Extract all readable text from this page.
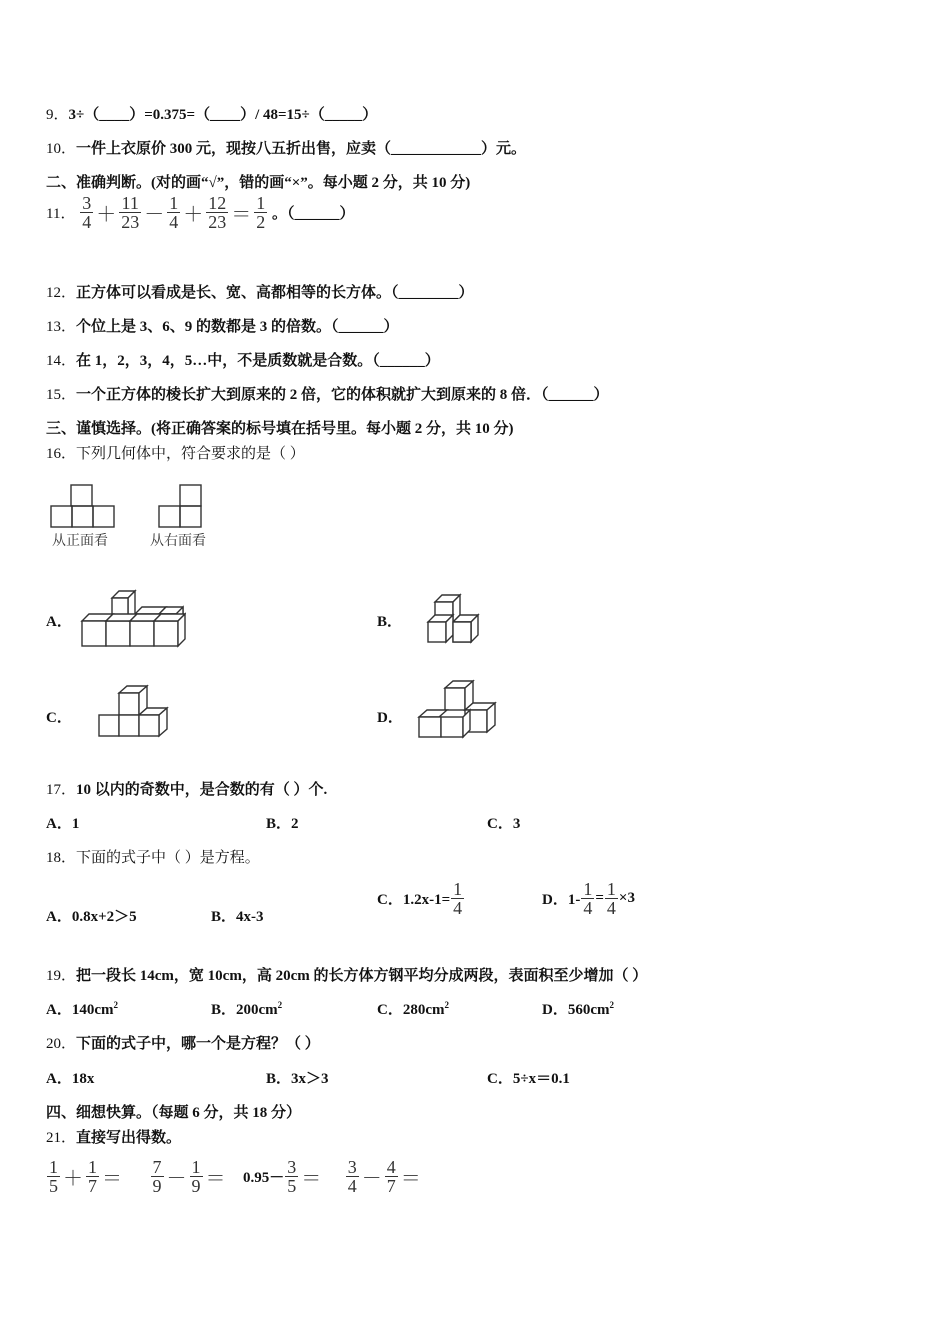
9．3÷（____）=0.375=（____）/ 48=15÷（_____）
10．一件上衣原价 300 元，现按八五折出售，应卖（____________）元。
二、准确判断。(对的画“√”，错的画“×”。每小题 2 分，共 10 分)
11． $\frac{3}{4} + \frac{11}{23} - \frac{1}{4} + \frac{12}{23} = \frac{1}{2}$ 。（______）
12．正方体可以看成是长、宽、高都相等的长方体。（________）
13．个位上是 3、6、9 的数都是 3 的倍数。（______）
14．在 1，2，3，4，5…中，不是质数就是合数。（______）
15．一个正方体的棱长扩大到原来的 2 倍，它的体积就扩大到原来的 8 倍．（______）
三、谨慎选择。(将正确答案的标号填在括号里。每小题 2 分，共 10 分)
16．下列几何体中，符合要求的是（ ）
从正面看	从右面看
A．	B．
C．	D．
17．10 以内的奇数中，是合数的有（ ）个.
A．1	B．2	C．3
18．下面的式子中（ ）是方程。
A．0.8x+2＞5	B．4x-3
C．$1.2x-1= \frac{1}{4}$	D．$1- \frac{1}{4} = \frac{1}{4} \times 3$
19．把一段长 14cm，宽 10cm，高 20cm 的长方体方钢平均分成两段，表面积至少增加（ ）
A．$140cm^2$	B．$200cm^2$	C．$280cm^2$	D．$560cm^2$
20．下面的式子中，哪一个是方程？（ ）
A．18x	B．3x＞3	C．5÷x＝0.1
四、细想快算。（每题 6 分，共 18 分）
21．直接写出得数。
$\frac{1}{5} + \frac{1}{7} = \frac{7}{9} - \frac{1}{9} = 0.95- \frac{3}{5} = \frac{3}{4} - \frac{4}{7}$ ＝
